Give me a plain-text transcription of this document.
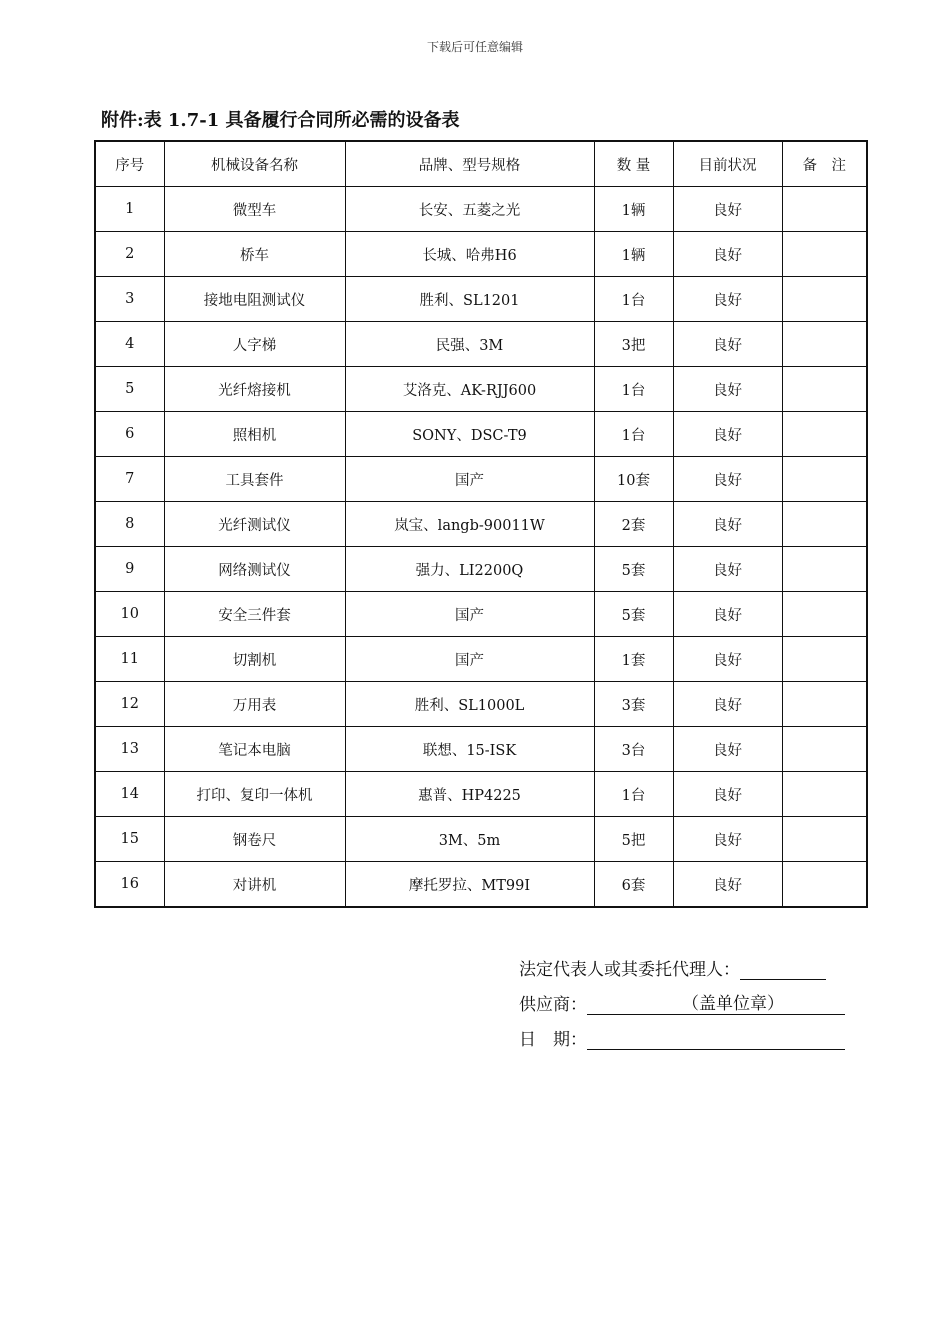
下载后可任意编辑
附件:表 1.7-1 具备履行合同所必需的设备表
序号	机械设备名称	品牌、型号规格	数 量	目前状况	备　注
1	微型车	长安、五菱之光	1辆	良好	
2	桥车	长城、哈弗H6	1辆	良好	
3	接地电阻测试仪	胜利、SL1201	1台	良好	
4	人字梯	民强、3M	3把	良好	
5	光纤熔接机	艾洛克、AK-RJJ600	1台	良好	
6	照相机	SONY、DSC-T9	1台	良好	
7	工具套件	国产	10套	良好	
8	光纤测试仪	岚宝、langb-90011W	2套	良好	
9	网络测试仪	强力、LI2200Q	5套	良好	
10	安全三件套	国产	5套	良好	
11	切割机	国产	1套	良好	
12	万用表	胜利、SL1000L	3套	良好	
13	笔记本电脑	联想、15-ISK	3台	良好	
14	打印、复印一体机	惠普、HP4225	1台	良好	
15	钢卷尺	3M、5m	5把	良好	
16	对讲机	摩托罗拉、MT99I	6套	良好	
法定代表人或其委托代理人：
供应商：	（盖单位章）
日　期：
